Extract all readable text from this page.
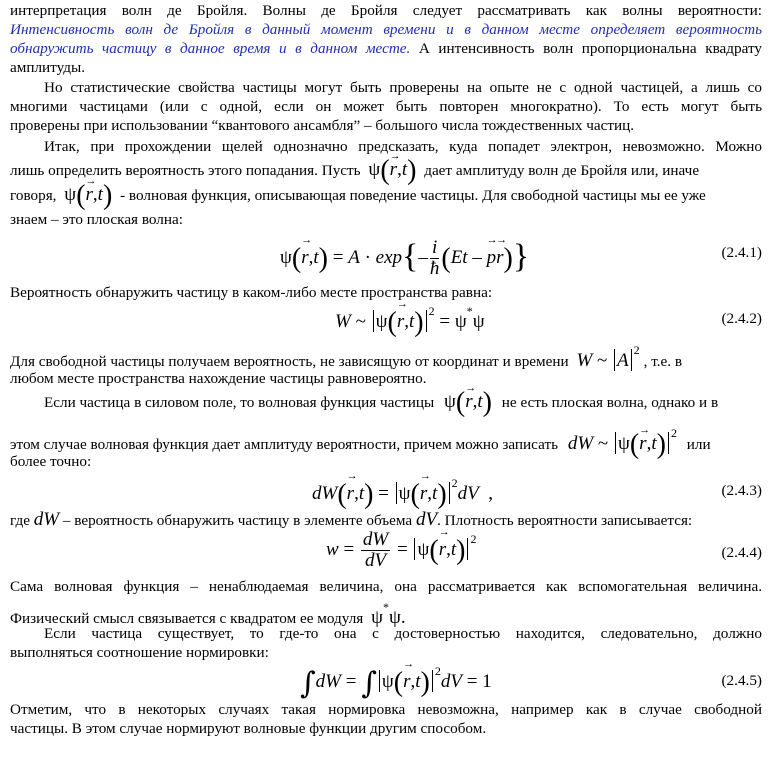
интерпретация волн де Бройля. Волны де Бройля следует рассматривать как волны вероятности:
Интенсивность волн де Бройля в данный момент времени и в данном месте определяет вероятность
обнаружить частицу в данное время и в данном месте. А интенсивность волн пропорциональна квадрату
амплитуды.
Но статистические свойства частицы могут быть проверены на опыте не с одной частицей, а лишь со
многими частицами (или с одной, если он может быть повторен многократно). То есть могут быть
проверены при использовании “квантового ансамбля” – большого числа тождественных частиц.
Итак, при прохождении щелей однозначно предсказать, куда попадет электрон, невозможно. Можно
лишь определить вероятность этого попадания. Пусть ψ(→ r,t) дает амплитуду волн де Бройля или, иначе
говоря, ψ(→ r,t) - волновая функция, описывающая поведение частицы. Для свободной частицы мы ее уже
знаем – это плоская волна:
$\psi(\to r,t) = A \cdot \exp\{- \frac{i}{ħ} (Et$ – → p→ r)}	(2.4.1)
Вероятность обнаружить частицу в каком-либо месте пространства равна:
W ~ ψ(→ r,t) $^2$ = ψ*ψ	(2.4.2)
Для свободной частицы получаем вероятность, не зависящую от координат и времени W ~ A $^2$, т.е. в
любом месте пространства нахождение частицы равновероятно.
Если частица в силовом поле, то волновая функция частицы ψ(→ r,t) не есть плоская волна, однако и в
этом случае волновая функция дает амплитуду вероятности, причем можно записать dW ~ ψ(→ r,t) $^2$ или
более точно:
dW(→ r,t) = ψ(→ r,t) $^2$dV  ,	(2.4.3)
где dW – вероятность обнаружить частицу в элементе объема dV. Плотность вероятности записывается:
$w = \frac{dW}{dV} = \psi(\to r,t)$ $^2$
(2.4.4)
Сама волновая функция – ненаблюдаемая величина, она рассматривается как вспомогательная величина.
Физический смысл связывается с квадратом ее модуля ψ*ψ.
Если частица существует, то где-то она с достоверностью находится, следовательно, должно
выполняться соотношение нормировки:
∫dW = ∫ ψ(→ r,t) $^2$dV = 1	(2.4.5)
Отметим, что в некоторых случаях такая нормировка невозможна, например как в случае свободной
частицы. В этом случае нормируют волновые функции другим способом.
